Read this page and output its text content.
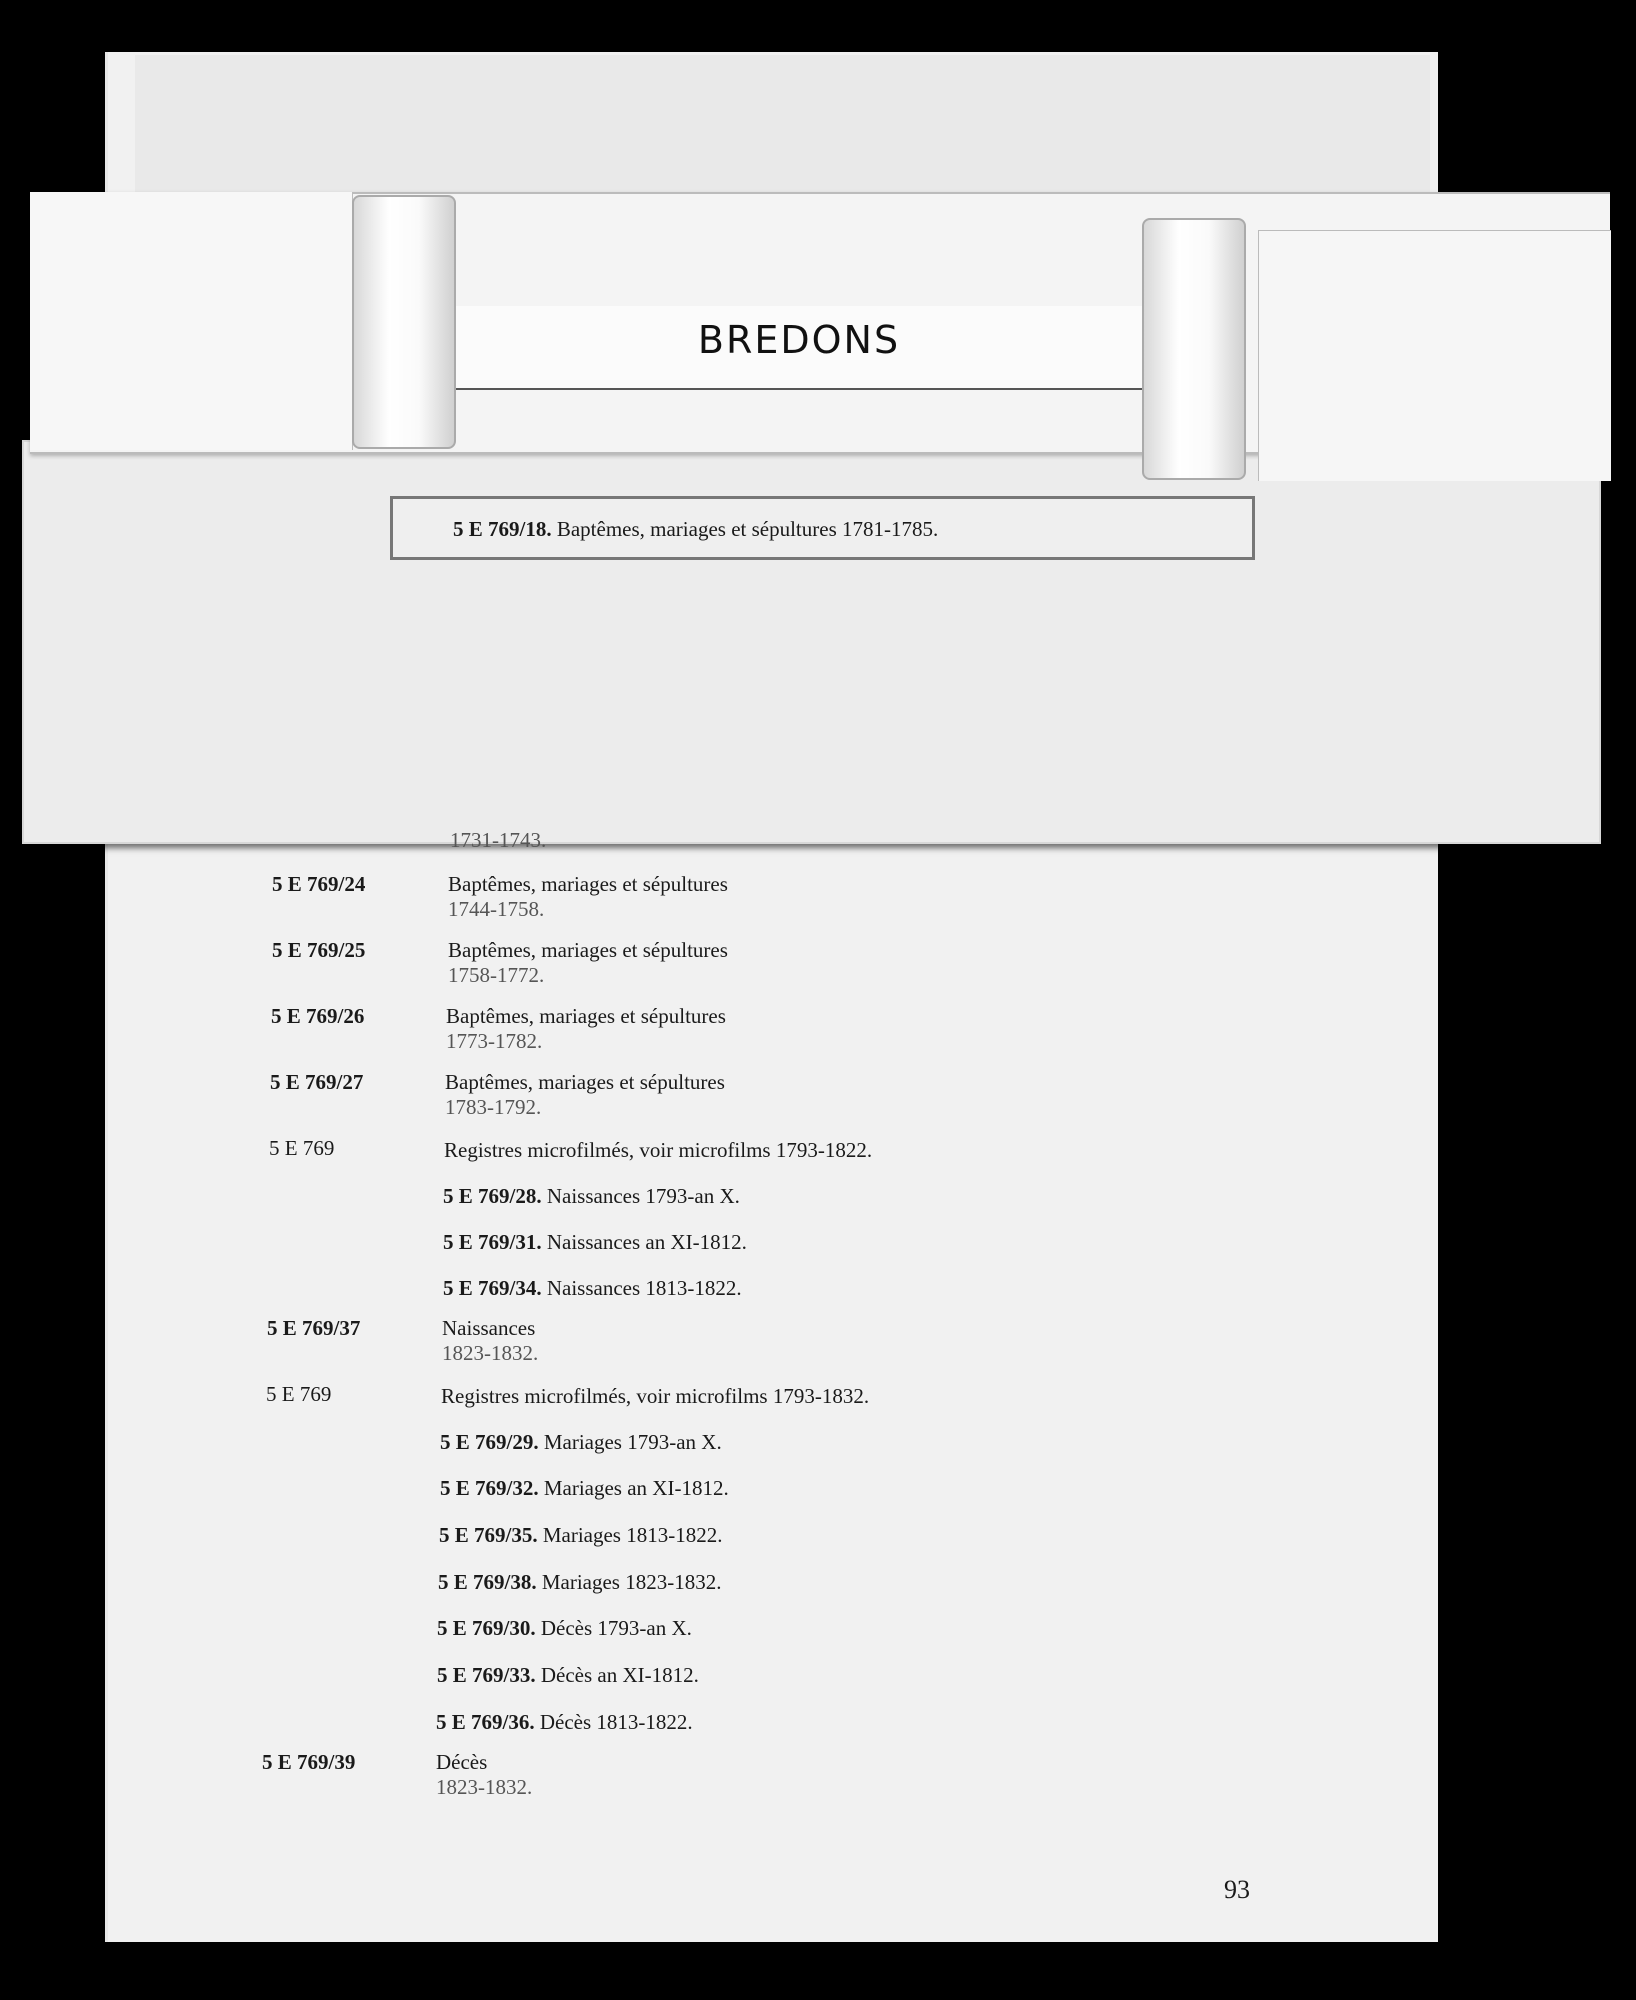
5 E 769/18. Baptêmes, mariages et sépultures 1781-1785.
BREDONS
1731-1743.
5 E 769/24	Baptêmes, mariages et sépultures
1744-1758.
5 E 769/25	Baptêmes, mariages et sépultures
1758-1772.
5 E 769/26	Baptêmes, mariages et sépultures
1773-1782.
5 E 769/27	Baptêmes, mariages et sépultures
1783-1792.
5 E 769	Registres microfilmés, voir microfilms 1793-1822.
5 E 769/28. Naissances 1793-an X.
5 E 769/31. Naissances an XI-1812.
5 E 769/34. Naissances 1813-1822.
5 E 769/37	Naissances
1823-1832.
5 E 769	Registres microfilmés, voir microfilms 1793-1832.
5 E 769/29. Mariages 1793-an X.
5 E 769/32. Mariages an XI-1812.
5 E 769/35. Mariages 1813-1822.
5 E 769/38. Mariages 1823-1832.
5 E 769/30. Décès 1793-an X.
5 E 769/33. Décès an XI-1812.
5 E 769/36. Décès 1813-1822.
5 E 769/39	Décès
1823-1832.
93
